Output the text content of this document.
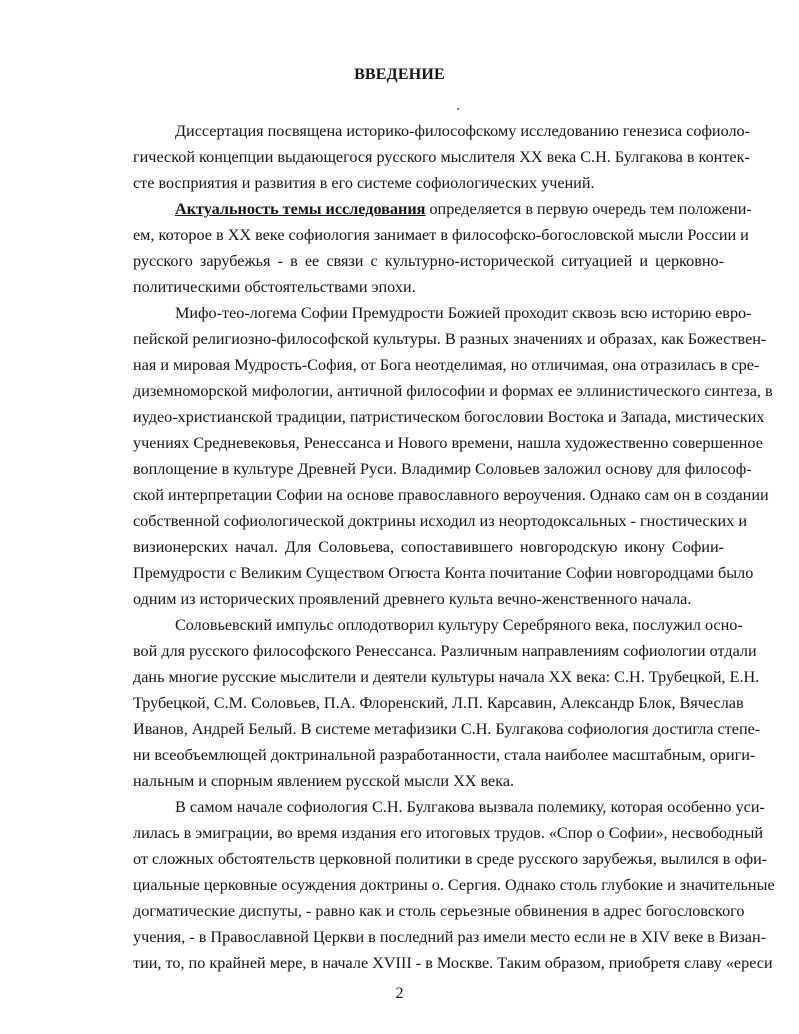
ВВЕДЕНИЕ

Диссертация посвящена историко-философскому исследованию генезиса софиоло-

гической концепции выдающегося русского мыслителя XX века С.Н. Булгакова в контек-

сте восприятия и развития в его системе софиологических учений.

Актуальность темы исследования определяется в первую очередь тем положени-

ем, которое в XX веке софиология занимает в философско-богословской мысли России и

русского зарубежья - в ее связи с культурно-исторической ситуацией и церковно-

политическими обстоятельствами эпохи.

Мифо-тео-логема Софии Премудрости Божией проходит сквозь всю историю евро-

пейской религиозно-философской культуры. В разных значениях и образах, как Божествен-

ная и мировая Мудрость-София, от Бога неотделимая, но отличимая, она отразилась в сре-

диземноморской мифологии, античной философии и формах ее эллинистического синтеза, в

иудео-христианской традиции, патристическом богословии Востока и Запада, мистических

учениях Средневековья, Ренессанса и Нового времени, нашла художественно совершенное

воплощение в культуре Древней Руси. Владимир Соловьев заложил основу для философ-

ской интерпретации Софии на основе православного вероучения. Однако сам он в создании

собственной софиологической доктрины исходил из неортодоксальных - гностических и

визионерских начал. Для Соловьева, сопоставившего новгородскую икону Софии-

Премудрости с Великим Существом Огюста Конта почитание Софии новгородцами было

одним из исторических проявлений древнего культа вечно-женственного начала.

Соловьевский импульс оплодотворил культуру Серебряного века, послужил осно-

вой для русского философского Ренессанса. Различным направлениям софиологии отдали

дань многие русские мыслители и деятели культуры начала XX века: С.Н. Трубецкой, Е.Н.

Трубецкой, С.М. Соловьев, П.А. Флоренский, Л.П. Карсавин, Александр Блок, Вячеслав

Иванов, Андрей Белый. В системе метафизики С.Н. Булгакова софиология достигла степе-

ни всеобъемлющей доктринальной разработанности, стала наиболее масштабным, ориги-

нальным и спорным явлением русской мысли XX века.

В самом начале софиология С.Н. Булгакова вызвала полемику, которая особенно уси-

лилась в эмиграции, во время издания его итоговых трудов. «Спор о Софии», несвободный

от сложных обстоятельств церковной политики в среде русского зарубежья, вылился в офи-

циальные церковные осуждения доктрины о. Сергия. Однако столь глубокие и значительные

догматические диспуты, - равно как и столь серьезные обвинения в адрес богословского

учения, - в Православной Церкви в последний раз имели место если не в XIV веке в Визан-

тии, то, по крайней мере, в начале XVIII - в Москве. Таким образом, приобретя славу «ереси

2
